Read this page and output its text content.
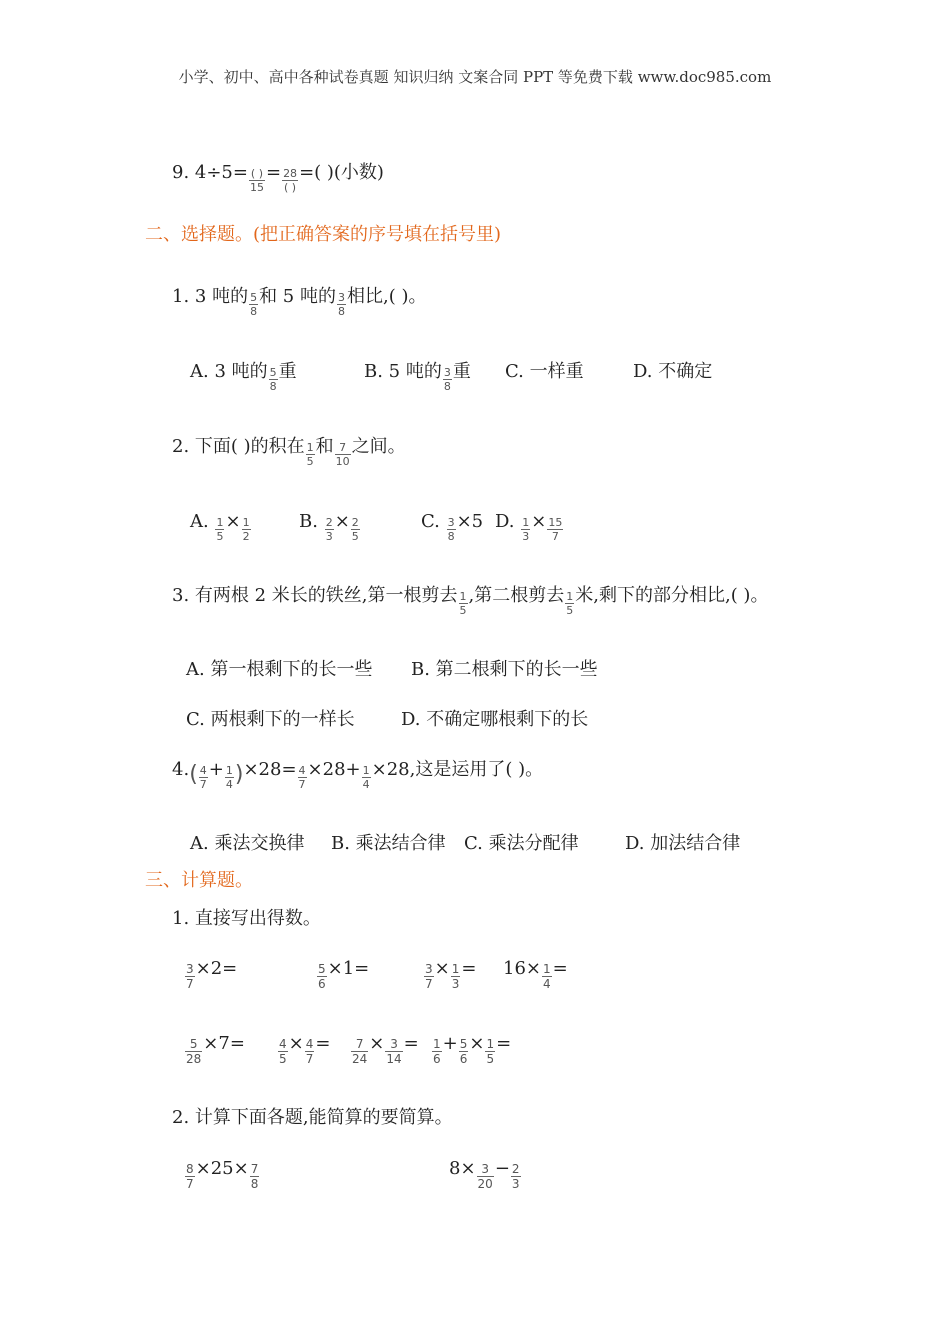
小学、初中、高中各种试卷真题 知识归纳 文案合同 PPT 等免费下载 www.doc985.com
9. 4÷5= ( )
15
= 28
( )
=( )(小数)
二、选择题。(把正确答案的序号填在括号里)
1. 3 吨的 $\frac{5}{8}$ 和 5 吨的 $\frac{3}{8}$ 相比,( )。
A. 3 吨的 $\frac{5}{8}$ 重	B. 5 吨的 $\frac{3}{8}$ 重 C. 一样重	D. 不确定
2. 下面( )的积在 $\frac{1}{5}$ 和 $\frac{7}{10}$ 之间。
A. $\frac{1}{5} \times \frac{1}{2}$	B. $\frac{2}{3} \times \frac{2}{5}$	C. $\frac{3}{8} \times 5$ D. $\frac{1}{3} \times \frac{15}{7}$
3. 有两根 2 米长的铁丝,第一根剪去 $\frac{1}{5}$ ,第二根剪去 $\frac{1}{5}$ 米,剩下的部分相比,( )。
A. 第一根剩下的长一些 B. 第二根剩下的长一些
C. 两根剩下的一样长	D. 不确定哪根剩下的长
$4.( \frac{4}{7} + \frac{1}{4} )\times 28= \frac{4}{7} \times 28+ \frac{1}{4} \times 28$,这是运用了( )。
A. 乘法交换律 B. 乘法结合律 C. 乘法分配律	D. 加法结合律
三、计算题。
1. 直接写出得数。
$\frac{3}{7} \times 2=$	$\frac{5}{6} \times 1=$	$\frac{3}{7} \times \frac{1}{3} = 16\times \frac{1}{4}$ =
$\frac{5}{28} \times 7=$	$\frac{4}{5} \times \frac{4}{7} = \frac{7}{24} \times \frac{3}{14} = \frac{1}{6} + \frac{5}{6} \times \frac{1}{5}$ =
2. 计算下面各题,能简算的要简算。
$\frac{8}{7} \times 25\times \frac{7}{8}$	$8\times \frac{3}{20} - \frac{2}{3}$
